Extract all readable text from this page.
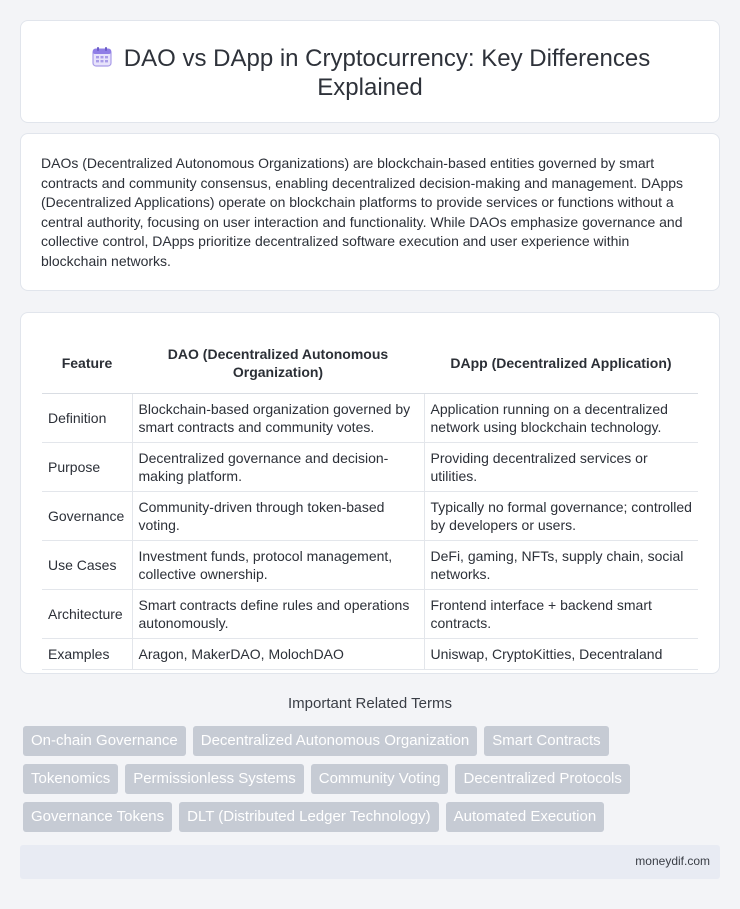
DAO vs DApp in Cryptocurrency: Key Differences Explained

DAOs (Decentralized Autonomous Organizations) are blockchain-based entities governed by smart contracts and community consensus, enabling decentralized decision-making and management. DApps (Decentralized Applications) operate on blockchain platforms to provide services or functions without a central authority, focusing on user interaction and functionality. While DAOs emphasize governance and collective control, DApps prioritize decentralized software execution and user experience within blockchain networks.

Feature	DAO (Decentralized Autonomous Organization)	DApp (Decentralized Application)
Definition	Blockchain-based organization governed by smart contracts and community votes.	Application running on a decentralized network using blockchain technology.
Purpose	Decentralized governance and decision-making platform.	Providing decentralized services or utilities.
Governance	Community-driven through token-based voting.	Typically no formal governance; controlled by developers or users.
Use Cases	Investment funds, protocol management, collective ownership.	DeFi, gaming, NFTs, supply chain, social networks.
Architecture	Smart contracts define rules and operations autonomously.	Frontend interface + backend smart contracts.
Examples	Aragon, MakerDAO, MolochDAO	Uniswap, CryptoKitties, Decentraland
Important Related Terms
On-chain Governance	Decentralized Autonomous Organization	Smart Contracts
Tokenomics	Permissionless Systems	Community Voting	Decentralized Protocols
Governance Tokens	DLT (Distributed Ledger Technology)	Automated Execution
moneydif.com
